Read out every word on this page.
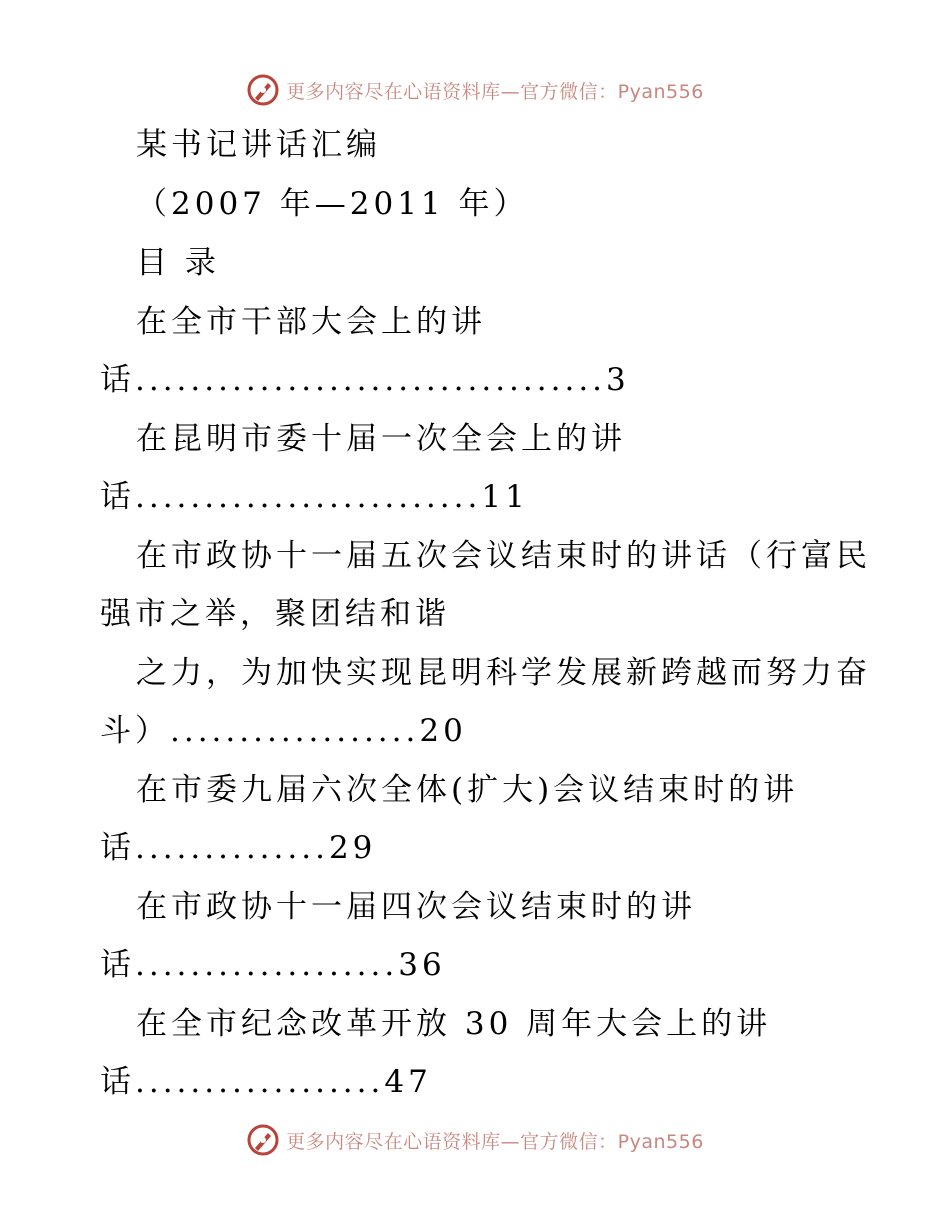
更多内容尽在心语资料库—官方微信：Pyan556
某书记讲话汇编
（2007 年—2011 年）
目 录
在全市干部大会上的讲
话..................................3
在昆明市委十届一次全会上的讲
话.........................11
在市政协十一届五次会议结束时的讲话（行富民
强市之举，聚团结和谐
之力，为加快实现昆明科学发展新跨越而努力奋
斗）..................20
在市委九届六次全体(扩大)会议结束时的讲
话..............29
在市政协十一届四次会议结束时的讲
话...................36
在全市纪念改革开放 30 周年大会上的讲
话..................47
更多内容尽在心语资料库—官方微信：Pyan556
